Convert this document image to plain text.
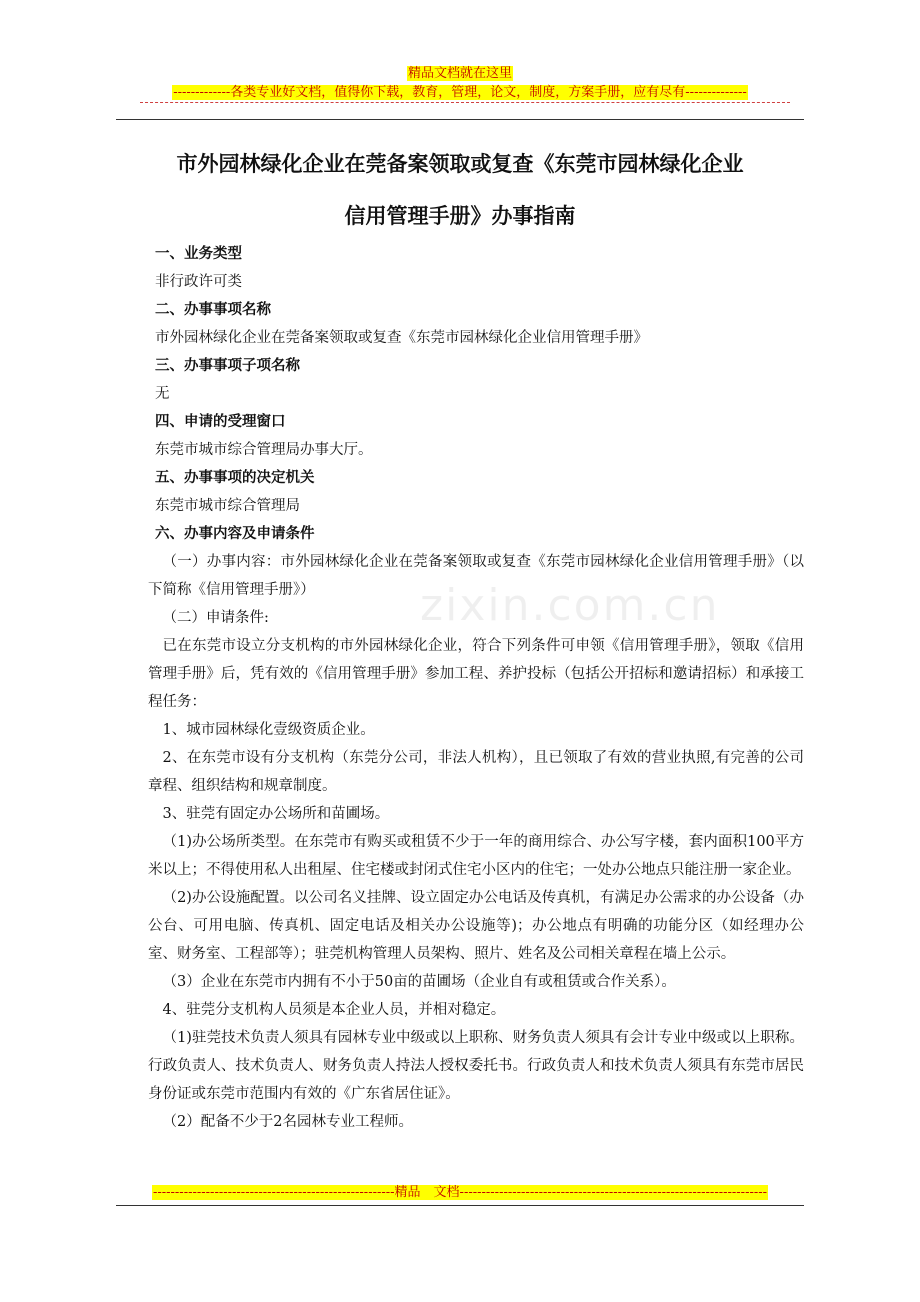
精品文档就在这里
-------------各类专业好文档，值得你下载，教育，管理，论文，制度，方案手册，应有尽有--------------
市外园林绿化企业在莞备案领取或复查《东莞市园林绿化企业
信用管理手册》办事指南
zixin.com.cn

一、业务类型

非行政许可类

二、办事事项名称

市外园林绿化企业在莞备案领取或复查《东莞市园林绿化企业信用管理手册》

三、办事事项子项名称

无

四、申请的受理窗口

东莞市城市综合管理局办事大厅。

五、办事事项的决定机关

东莞市城市综合管理局

六、办事内容及申请条件

（一）办事内容：市外园林绿化企业在莞备案领取或复查《东莞市园林绿化企业信用管理手册》（以下简称《信用管理手册》）

（二）申请条件:

已在东莞市设立分支机构的市外园林绿化企业，符合下列条件可申领《信用管理手册》，领取《信用管理手册》后，凭有效的《信用管理手册》参加工程、养护投标（包括公开招标和邀请招标）和承接工程任务：

1、城市园林绿化壹级资质企业。

2、在东莞市设有分支机构（东莞分公司，非法人机构），且已领取了有效的营业执照,有完善的公司章程、组织结构和规章制度。

3、驻莞有固定办公场所和苗圃场。

（1)办公场所类型。在东莞市有购买或租赁不少于一年的商用综合、办公写字楼，套内面积100平方米以上；不得使用私人出租屋、住宅楼或封闭式住宅小区内的住宅；一处办公地点只能注册一家企业。

（2)办公设施配置。以公司名义挂牌、设立固定办公电话及传真机，有满足办公需求的办公设备（办公台、可用电脑、传真机、固定电话及相关办公设施等)；办公地点有明确的功能分区（如经理办公室、财务室、工程部等）；驻莞机构管理人员架构、照片、姓名及公司相关章程在墙上公示。

（3）企业在东莞市内拥有不小于50亩的苗圃场（企业自有或租赁或合作关系）。

4、驻莞分支机构人员须是本企业人员，并相对稳定。

（1)驻莞技术负责人须具有园林专业中级或以上职称、财务负责人须具有会计专业中级或以上职称。行政负责人、技术负责人、财务负责人持法人授权委托书。行政负责人和技术负责人须具有东莞市居民身份证或东莞市范围内有效的《广东省居住证》。

（2）配备不少于2名园林专业工程师。

-------------------------------------------------------精品　文档----------------------------------------------------------------------
